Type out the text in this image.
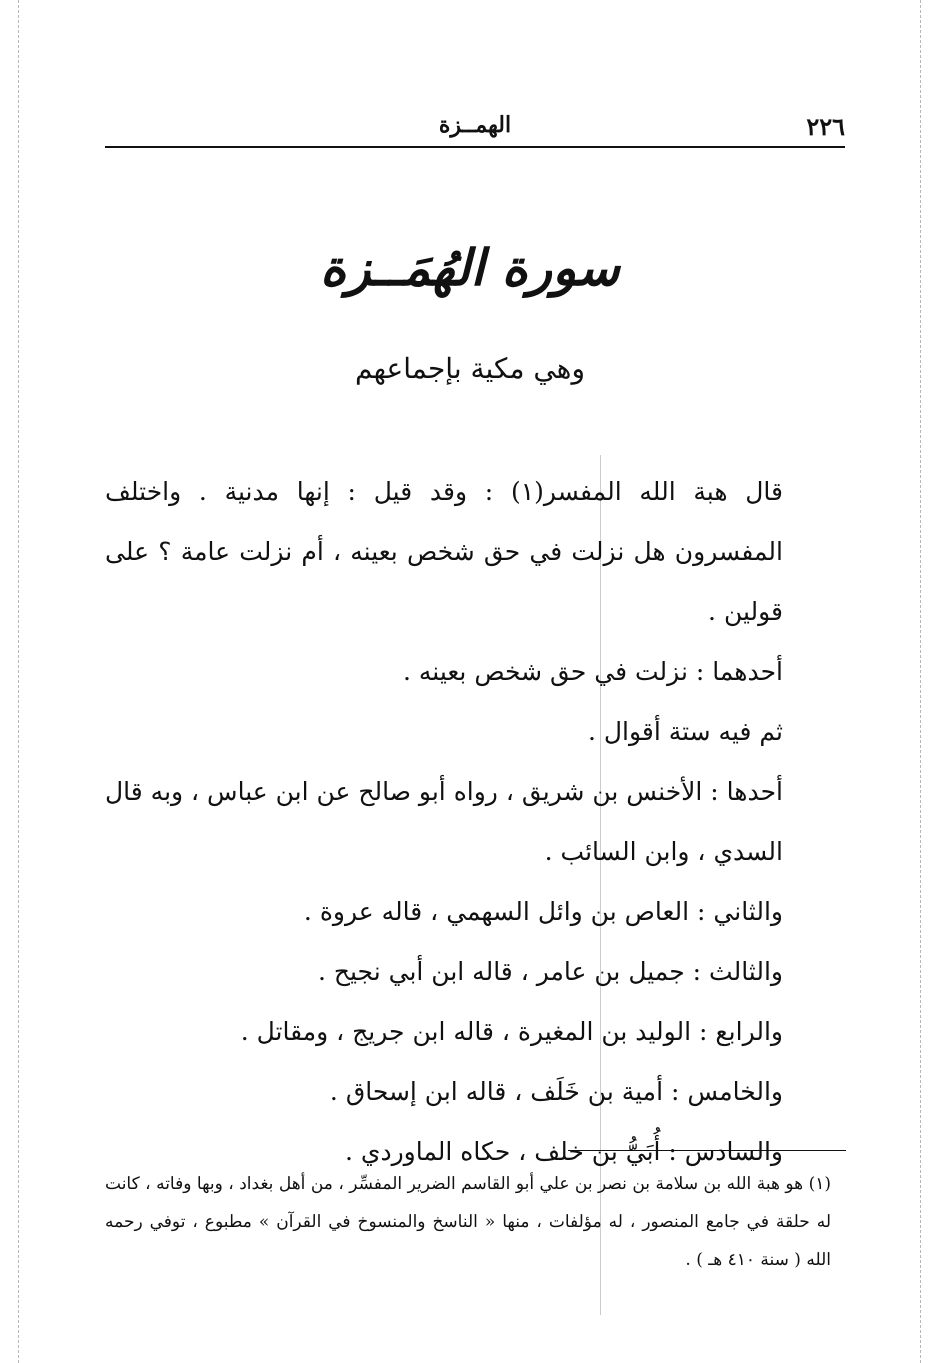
٢٢٦
الهمــزة
سورة الهُمَــزة
وهي مكية بإجماعهم

قال هبة الله المفسر(١) : وقد قيل : إنها مدنية . واختلف المفسرون هل نزلت في حق شخص بعينه ، أم نزلت عامة ؟ على قولين .

أحدهما : نزلت في حق شخص بعينه .

ثم فيه ستة أقوال .

أحدها : الأخنس بن شريق ، رواه أبو صالح عن ابن عباس ، وبه قال السدي ، وابن السائب .

والثاني : العاص بن وائل السهمي ، قاله عروة .

والثالث : جميل بن عامر ، قاله ابن أبي نجيح .

والرابع : الوليد بن المغيرة ، قاله ابن جريج ، ومقاتل .

والخامس : أمية بن خَلَف ، قاله ابن إسحاق .

والسادس : أُبَيُّ بن خلف ، حكاه الماوردي .

(١) هو هبة الله بن سلامة بن نصر بن علي أبو القاسم الضرير المفسِّر ، من أهل بغداد ، وبها وفاته ، كانت له حلقة في جامع المنصور ، له مؤلفات ، منها « الناسخ والمنسوخ في القرآن » مطبوع ، توفي رحمه الله ( سنة ٤١٠ هـ ) .
